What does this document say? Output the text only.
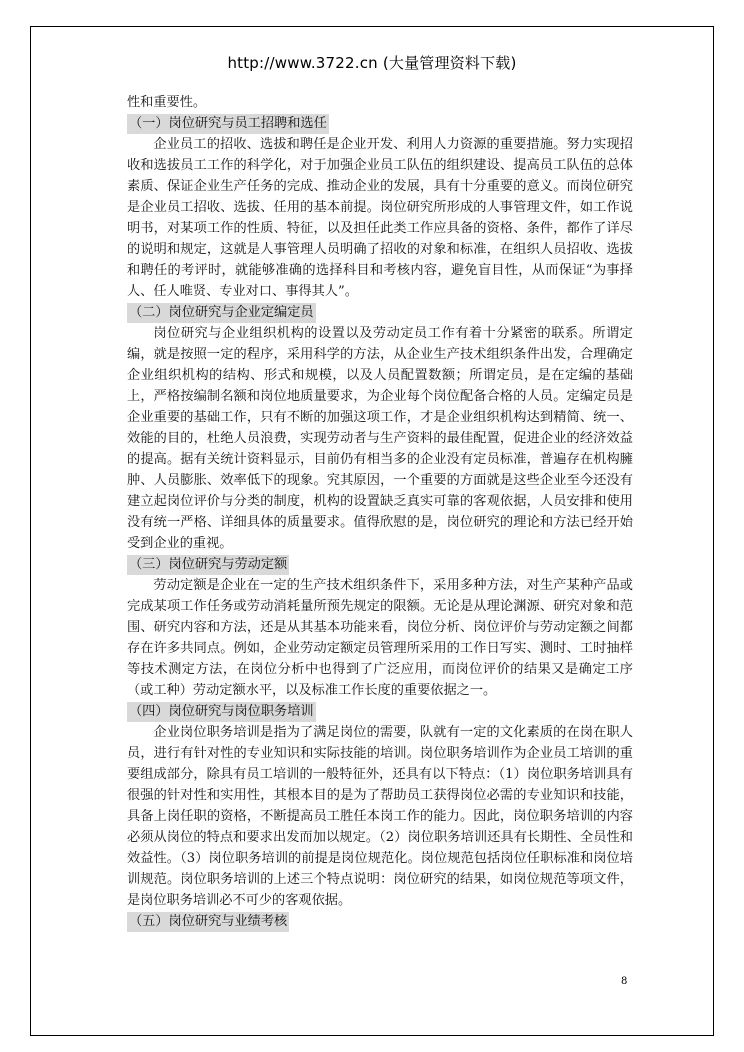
http://www.3722.cn (大量管理资料下载)

性和重要性。

（一）岗位研究与员工招聘和选任

企业员工的招收、选拔和聘任是企业开发、利用人力资源的重要措施。努力实现招收和选拔员工工作的科学化，对于加强企业员工队伍的组织建设、提高员工队伍的总体素质、保证企业生产任务的完成、推动企业的发展，具有十分重要的意义。而岗位研究是企业员工招收、选拔、任用的基本前提。岗位研究所形成的人事管理文件，如工作说明书，对某项工作的性质、特征，以及担任此类工作应具备的资格、条件，都作了详尽的说明和规定，这就是人事管理人员明确了招收的对象和标准，在组织人员招收、选拔和聘任的考评时，就能够准确的选择科目和考核内容，避免盲目性，从而保证“为事择人、任人唯贤、专业对口、事得其人”。

（二）岗位研究与企业定编定员

岗位研究与企业组织机构的设置以及劳动定员工作有着十分紧密的联系。所谓定编，就是按照一定的程序，采用科学的方法，从企业生产技术组织条件出发，合理确定企业组织机构的结构、形式和规模，以及人员配置数额；所谓定员，是在定编的基础上，严格按编制名额和岗位地质量要求，为企业每个岗位配备合格的人员。定编定员是企业重要的基础工作，只有不断的加强这项工作，才是企业组织机构达到精简、统一、效能的目的，杜绝人员浪费，实现劳动者与生产资料的最佳配置，促进企业的经济效益的提高。据有关统计资料显示，目前仍有相当多的企业没有定员标准，普遍存在机构臃肿、人员膨胀、效率低下的现象。究其原因，一个重要的方面就是这些企业至今还没有建立起岗位评价与分类的制度，机构的设置缺乏真实可靠的客观依据，人员安排和使用没有统一严格、详细具体的质量要求。值得欣慰的是，岗位研究的理论和方法已经开始受到企业的重视。

（三）岗位研究与劳动定额

劳动定额是企业在一定的生产技术组织条件下，采用多种方法，对生产某种产品或完成某项工作任务或劳动消耗量所预先规定的限额。无论是从理论渊源、研究对象和范围、研究内容和方法，还是从其基本功能来看，岗位分析、岗位评价与劳动定额之间都存在许多共同点。例如，企业劳动定额定员管理所采用的工作日写实、测时、工时抽样等技术测定方法，在岗位分析中也得到了广泛应用，而岗位评价的结果又是确定工序（或工种）劳动定额水平，以及标准工作长度的重要依据之一。

（四）岗位研究与岗位职务培训

企业岗位职务培训是指为了满足岗位的需要，队就有一定的文化素质的在岗在职人员，进行有针对性的专业知识和实际技能的培训。岗位职务培训作为企业员工培训的重要组成部分，除具有员工培训的一般特征外，还具有以下特点：（1）岗位职务培训具有很强的针对性和实用性，其根本目的是为了帮助员工获得岗位必需的专业知识和技能，具备上岗任职的资格，不断提高员工胜任本岗工作的能力。因此，岗位职务培训的内容必须从岗位的特点和要求出发而加以规定。（2）岗位职务培训还具有长期性、全员性和效益性。（3）岗位职务培训的前提是岗位规范化。岗位规范包括岗位任职标准和岗位培训规范。岗位职务培训的上述三个特点说明：岗位研究的结果，如岗位规范等项文件，是岗位职务培训必不可少的客观依据。

（五）岗位研究与业绩考核
8
